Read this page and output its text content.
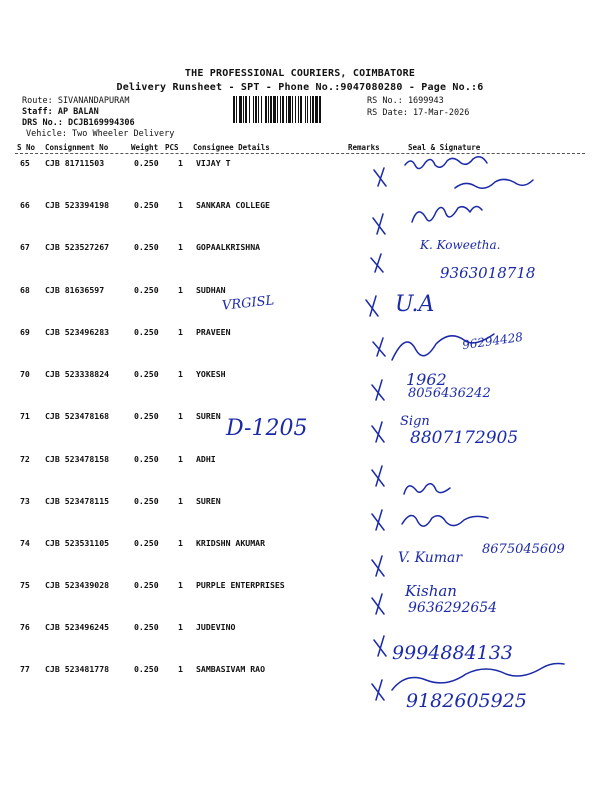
THE PROFESSIONAL COURIERS, COIMBATORE
Delivery Runsheet - SPT - Phone No.:9047080280 - Page No.:6
Route: SIVANANDAPURAM
Staff: AP BALAN
DRS No.: DCJB169994306
Vehicle: Two Wheeler Delivery
RS No.: 1699943
RS Date: 17-Mar-2026
S No Consignment No	Weight PCS Consignee Details	Remarks	Seal & Signature
65 CJB 81711503	0.250 1 VIJAY T
66 CJB 523394198	0.250 1 SANKARA COLLEGE
67 CJB 523527267	0.250 1 GOPAALKRISHNA
68 CJB 81636597	0.250 1 SUDHAN
69 CJB 523496283	0.250 1 PRAVEEN
70 CJB 523338824	0.250 1 YOKESH
71 CJB 523478168	0.250 1 SUREN
72 CJB 523478158	0.250 1 ADHI
73 CJB 523478115	0.250 1 SUREN
74 CJB 523531105	0.250 1 KRIDSHN AKUMAR
75 CJB 523439028	0.250 1 PURPLE ENTERPRISES
76 CJB 523496245	0.250 1 JUDEVINO
77 CJB 523481778	0.250 1 SAMBASIVAM RAO
K. Koweetha.
9363018718
VRGISL	U.A
96294428
1962
8056436242
D-1205	8807172905
Sign
V. Kumar
8675045609
Kishan
9636292654
9994884133
9182605925
